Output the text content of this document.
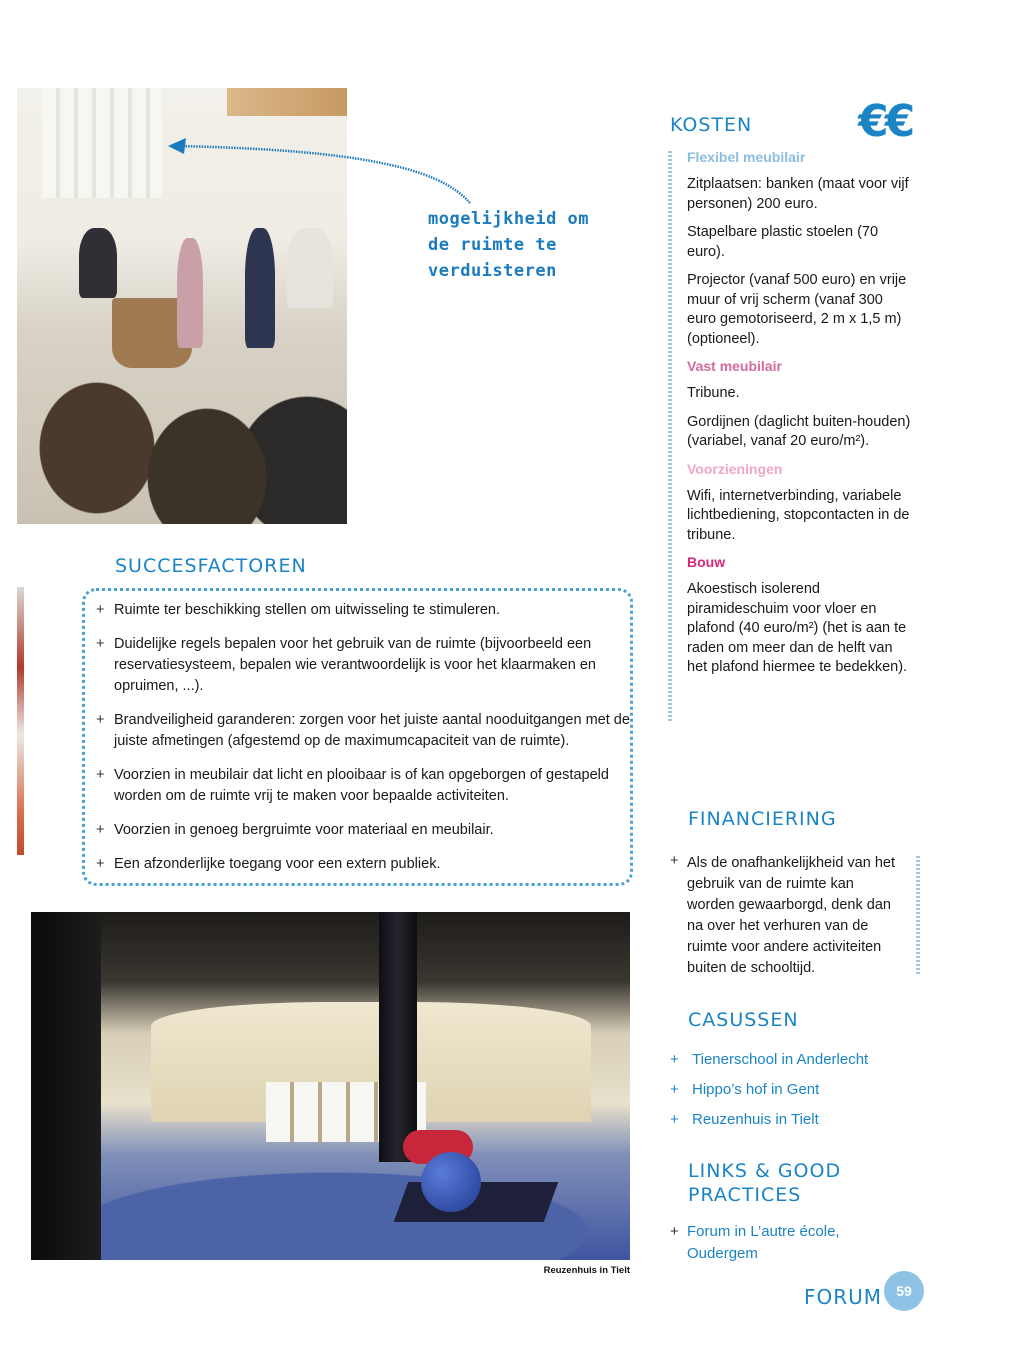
mogelijkheid om
de ruimte te
verduisteren
KOSTEN €€
Flexibel meubilair

Zitplaatsen: banken (maat voor vijf personen) 200 euro.

Stapelbare plastic stoelen (70 euro).

Projector (vanaf 500 euro) en vrije muur of vrij scherm (vanaf 300 euro gemotoriseerd, 2 m x 1,5 m) (optioneel).

Vast meubilair

Tribune.

Gordijnen (daglicht buiten-houden) (variabel, vanaf 20 euro/m²).

Voorzieningen

Wifi, internetverbinding, variabele lichtbediening, stopcontacten in de tribune.

Bouw

Akoestisch isolerend piramideschuim voor vloer en plafond (40 euro/m²) (het is aan te raden om meer dan de helft van het plafond hiermee te bedekken).

SUCCESFACTOREN
+ Ruimte ter beschikking stellen om uitwisseling te stimuleren.
+ Duidelijke regels bepalen voor het gebruik van de ruimte (bijvoorbeeld een reservatiesysteem, bepalen wie verantwoordelijk is voor het klaarmaken en opruimen, ...).
+ Brandveiligheid garanderen: zorgen voor het juiste aantal nooduitgangen met de juiste afmetingen (afgestemd op de maximumcapaciteit van de ruimte).
+ Voorzien in meubilair dat licht en plooibaar is of kan opgeborgen of gestapeld worden om de ruimte vrij te maken voor bepaalde activiteiten.
+ Voorzien in genoeg bergruimte voor materiaal en meubilair.
+ Een afzonderlijke toegang voor een extern publiek.
Reuzenhuis in Tielt
FINANCIERING
+ Als de onafhankelijkheid van het gebruik van de ruimte kan worden gewaarborgd, denk dan na over het verhuren van de ruimte voor andere activiteiten buiten de schooltijd.
CASUSSEN
+ Tienerschool in Anderlecht
+ Hippo’s hof in Gent
+ Reuzenhuis in Tielt
LINKS & GOOD
PRACTICES
+ Forum in L’autre école, Oudergem
FORUM	59
